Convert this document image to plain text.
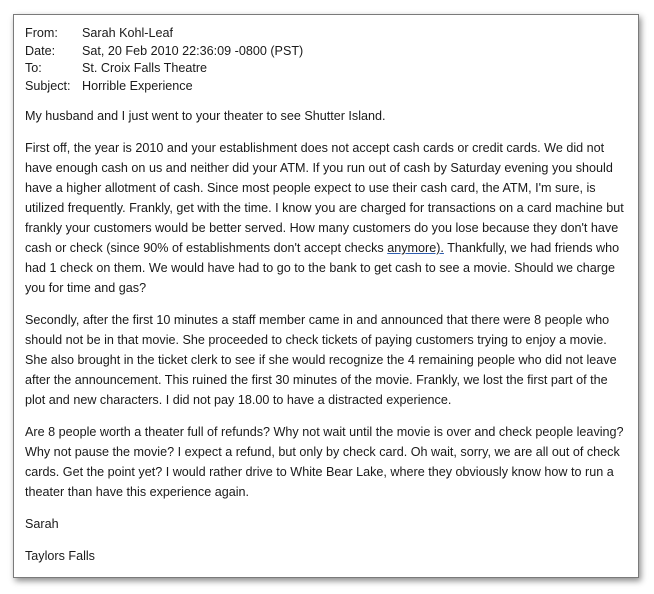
From:	Sarah Kohl-Leaf
Date:	Sat, 20 Feb 2010 22:36:09 -0800 (PST)
To:	St. Croix Falls Theatre
Subject: Horrible Experience

My husband and I just went to your theater to see Shutter Island.

First off, the year is 2010 and your establishment does not accept cash cards or credit cards. We did not have enough cash on us and neither did your ATM. If you run out of cash by Saturday evening you should have a higher allotment of cash. Since most people expect to use their cash card, the ATM, I'm sure, is utilized frequently. Frankly, get with the time. I know you are charged for transactions on a card machine but frankly your customers would be better served. How many customers do you lose because they don't have cash or check (since 90% of establishments don't accept checks anymore). Thankfully, we had friends who had 1 check on them. We would have had to go to the bank to get cash to see a movie. Should we charge you for time and gas?

Secondly, after the first 10 minutes a staff member came in and announced that there were 8 people who should not be in that movie. She proceeded to check tickets of paying customers trying to enjoy a movie. She also brought in the ticket clerk to see if she would recognize the 4 remaining people who did not leave after the announcement. This ruined the first 30 minutes of the movie. Frankly, we lost the first part of the plot and new characters. I did not pay 18.00 to have a distracted experience.

Are 8 people worth a theater full of refunds? Why not wait until the movie is over and check people leaving? Why not pause the movie? I expect a refund, but only by check card. Oh wait, sorry, we are all out of check cards. Get the point yet? I would rather drive to White Bear Lake, where they obviously know how to run a theater than have this experience again.

Sarah

Taylors Falls
